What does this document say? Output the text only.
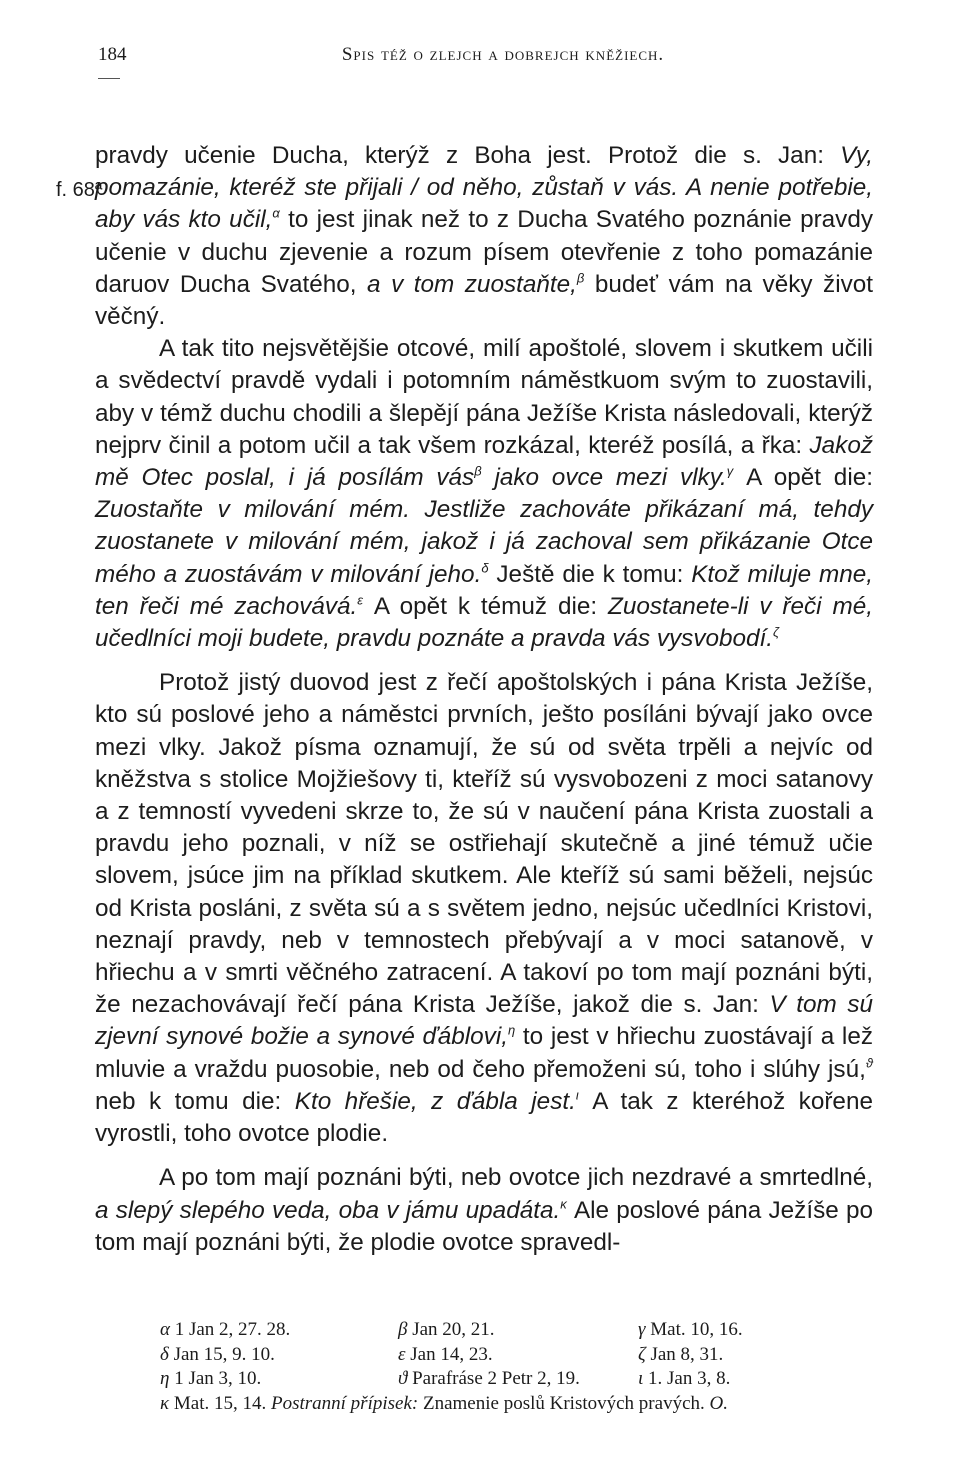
184	Spis též o zlejch a dobrejch kněžiech.
f. 68ª

pravdy učenie Ducha, kterýž z Boha jest. Protož die s. Jan: Vy, pomazánie, kteréž ste přijali / od něho, zůstaň v vás. A nenie potřebie, aby vás kto učil,$^\alpha$ to jest jinak než to z Ducha Svatého poznánie pravdy učenie v duchu zjevenie a rozum písem otevřenie z toho pomazánie daruov Ducha Svatého, a v tom zuostaňte,$^\beta$ budeť vám na věky život věčný.

A tak tito nejsvětějšie otcové, milí apoštolé, slovem i skutkem učili a svědectví pravdě vydali i potomním náměstkuom svým to zuostavili, aby v témž duchu chodili a šlepějí pána Ježíše Krista následovali, kterýž nejprv činil a potom učil a tak všem rozkázal, kteréž posílá, a řka: Jakož mě Otec poslal, i já posílám vás$^\beta$ jako ovce mezi vlky.$^\gamma$ A opět die: Zuostaňte v milování mém. Jestliže zachováte přikázaní má, tehdy zuostanete v milování mém, jakož i já zachoval sem přikázanie Otce mého a zuostávám v milování jeho.$^\delta$ Ještě die k tomu: Ktož miluje mne, ten řeči mé zachovává.$^\varepsilon$ A opět k témuž die: Zuostanete-li v řeči mé, učedlníci moji budete, pravdu poznáte a pravda vás vysvobodí.$^\zeta$

Protož jistý duovod jest z řečí apoštolských i pána Krista Ježíše, kto sú poslové jeho a náměstci prvních, ješto posíláni bývají jako ovce mezi vlky. Jakož písma oznamují, že sú od světa trpěli a nejvíc od kněžstva s stolice Mojžiešovy ti, kteříž sú vysvobozeni z moci satanovy a z temností vyvedeni skrze to, že sú v naučení pána Krista zuostali a pravdu jeho poznali, v níž se ostřiehají skutečně a jiné témuž učie slovem, jsúce jim na příklad skutkem. Ale kteříž sú sami běželi, nejsúc od Krista posláni, z světa sú a s světem jedno, nejsúc učedlníci Kristovi, neznají pravdy, neb v temnostech přebývají a v moci satanově, v hřiechu a v smrti věčného zatracení. A takoví po tom mají poznáni býti, že nezachovávají řečí pána Krista Ježíše, jakož die s. Jan: V tom sú zjevní synové božie a synové ďáblovi,$^\eta$ to jest v hřiechu zuostávají a lež mluvie a vraždu puosobie, neb od čeho přemoženi sú, toho i slúhy jsú,$^ϑ$ neb k tomu die: Kto hřešie, z ďábla jest.$^\iota$ A tak z kteréhož kořene vyrostli, toho ovotce plodie.

A po tom mají poznáni býti, neb ovotce jich nezdravé a smrtedlné, a slepý slepého veda, oba v jámu upadáta.$^\kappa$ Ale poslové pána Ježíše po tom mají poznáni býti, že plodie ovotce spravedl-

α 1 Jan 2, 27. 28.	β Jan 20, 21.	γ Mat. 10, 16.
δ Jan 15, 9. 10.	ε Jan 14, 23.	ζ Jan 8, 31.
η 1 Jan 3, 10.	ϑ Parafráse 2 Petr 2, 19.	ι 1. Jan 3, 8.
κ Mat. 15, 14. Postranní přípisek: Znamenie poslů Kristových pravých. O.
